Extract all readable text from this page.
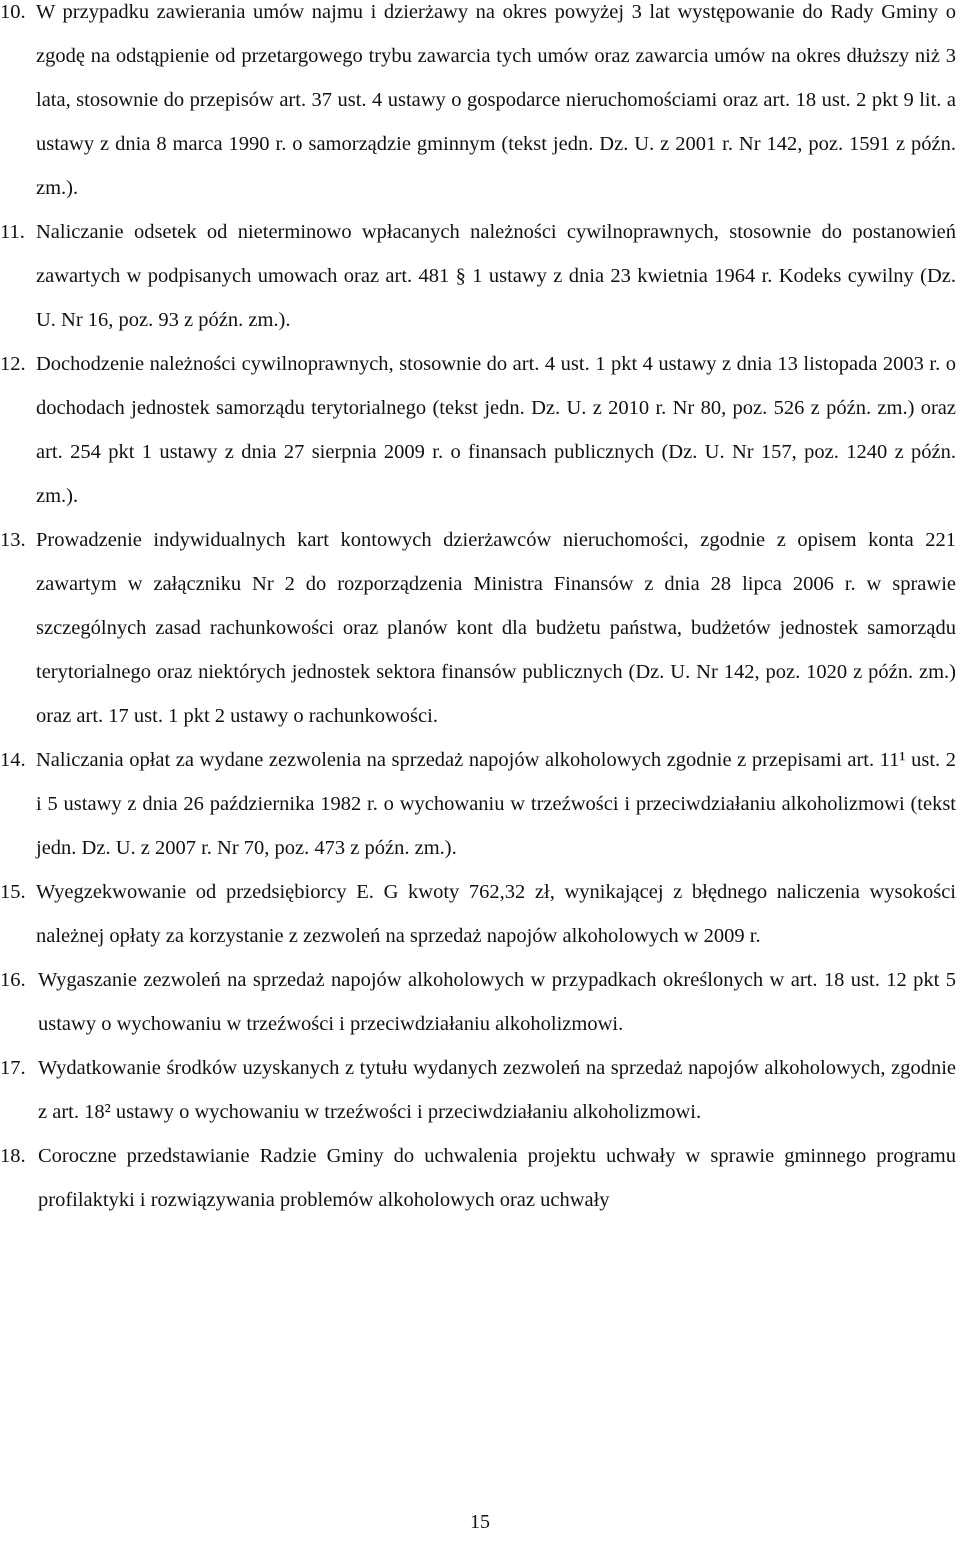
10. W przypadku zawierania umów najmu i dzierżawy na okres powyżej 3 lat występowanie do Rady Gminy o zgodę na odstąpienie od przetargowego trybu zawarcia tych umów oraz zawarcia umów na okres dłuższy niż 3 lata, stosownie do przepisów art. 37 ust. 4 ustawy o gospodarce nieruchomościami oraz art. 18 ust. 2 pkt 9 lit. a ustawy z dnia 8 marca 1990 r. o samorządzie gminnym (tekst jedn. Dz. U. z 2001 r. Nr 142, poz. 1591 z późn. zm.).
11. Naliczanie odsetek od nieterminowo wpłacanych należności cywilnoprawnych, stosownie do postanowień zawartych w podpisanych umowach oraz art. 481 § 1 ustawy z dnia 23 kwietnia 1964 r. Kodeks cywilny (Dz. U. Nr 16, poz. 93 z późn. zm.).
12. Dochodzenie należności cywilnoprawnych, stosownie do art. 4 ust. 1 pkt 4 ustawy z dnia 13 listopada 2003 r. o dochodach jednostek samorządu terytorialnego (tekst jedn. Dz. U. z 2010 r. Nr 80, poz. 526 z późn. zm.) oraz art. 254 pkt 1 ustawy z dnia 27 sierpnia 2009 r. o finansach publicznych (Dz. U. Nr 157, poz. 1240 z późn. zm.).
13. Prowadzenie indywidualnych kart kontowych dzierżawców nieruchomości, zgodnie z opisem konta 221 zawartym w załączniku Nr 2 do rozporządzenia Ministra Finansów z dnia 28 lipca 2006 r. w sprawie szczególnych zasad rachunkowości oraz planów kont dla budżetu państwa, budżetów jednostek samorządu terytorialnego oraz niektórych jednostek sektora finansów publicznych (Dz. U. Nr 142, poz. 1020 z późn. zm.) oraz art. 17 ust. 1 pkt 2 ustawy o rachunkowości.
14. Naliczania opłat za wydane zezwolenia na sprzedaż napojów alkoholowych zgodnie z przepisami art. 11¹ ust. 2 i 5 ustawy z dnia 26 października 1982 r. o wychowaniu w trzeźwości i przeciwdziałaniu alkoholizmowi (tekst jedn. Dz. U. z 2007 r. Nr 70, poz. 473 z późn. zm.).
15. Wyegzekwowanie od przedsiębiorcy E. G kwoty 762,32 zł, wynikającej z błędnego naliczenia wysokości należnej opłaty za korzystanie z zezwoleń na sprzedaż napojów alkoholowych w 2009 r.
16. Wygaszanie zezwoleń na sprzedaż napojów alkoholowych w przypadkach określonych w art. 18 ust. 12 pkt 5 ustawy o wychowaniu w trzeźwości i przeciwdziałaniu alkoholizmowi.
17. Wydatkowanie środków uzyskanych z tytułu wydanych zezwoleń na sprzedaż napojów alkoholowych, zgodnie z art. 18² ustawy o wychowaniu w trzeźwości i przeciwdziałaniu alkoholizmowi.
18. Coroczne przedstawianie Radzie Gminy do uchwalenia projektu uchwały w sprawie gminnego programu profilaktyki i rozwiązywania problemów alkoholowych oraz uchwały
15
